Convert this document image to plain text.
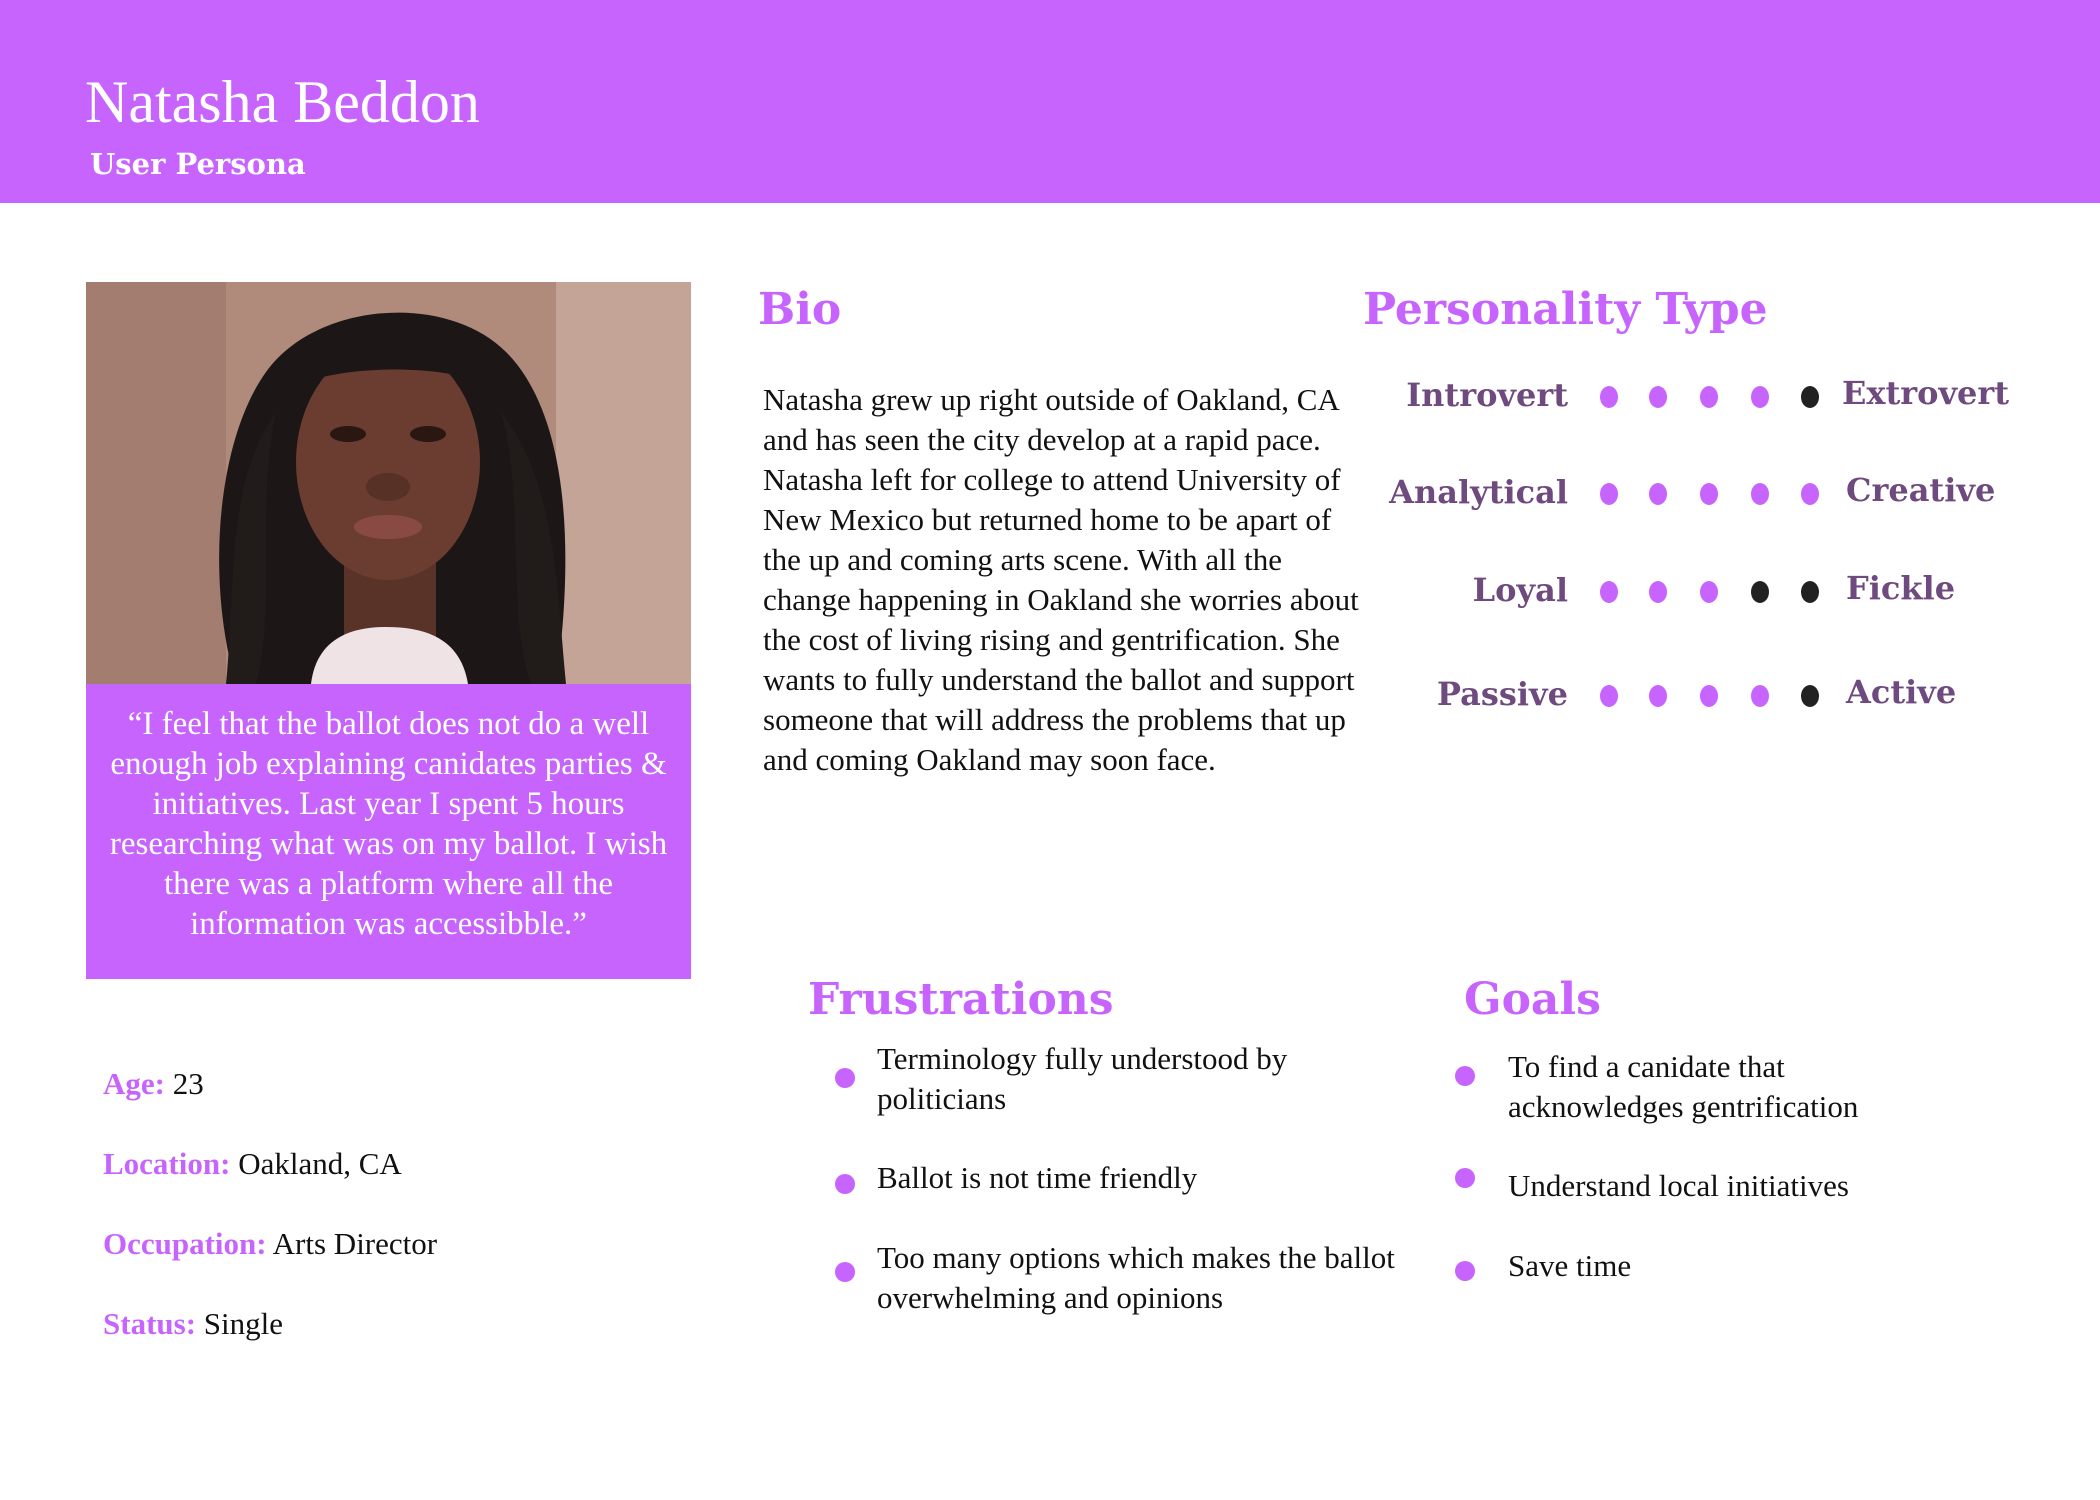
Natasha Beddon
User Persona

“I feel that the ballot does not do a well enough job explaining canidates parties & initiatives. Last year I spent 5 hours researching what was on my ballot. I wish there was a platform where all the information was accessibble.”

Age: 23
Location: Oakland, CA
Occupation: Arts Director
Status: Single
Bio

Natasha grew up right outside of Oakland, CA and has seen the city develop at a rapid pace. Natasha left for college to attend University of New Mexico but returned home to be apart of the up and coming arts scene. With all the change happening in Oakland she worries about the cost of living rising and gentrification. She wants to fully understand the ballot and support someone that will address the problems that up and coming Oakland may soon face.

Personality Type
Introvert	Extrovert
Analytical	Creative
Loyal	Fickle
Passive	Active
Frustrations

Terminology fully understood by politicians

Ballot is not time friendly

Too many options which makes the ballot overwhelming and opinions

Goals

To find a canidate that acknowledges gentrification

Understand local initiatives

Save time
